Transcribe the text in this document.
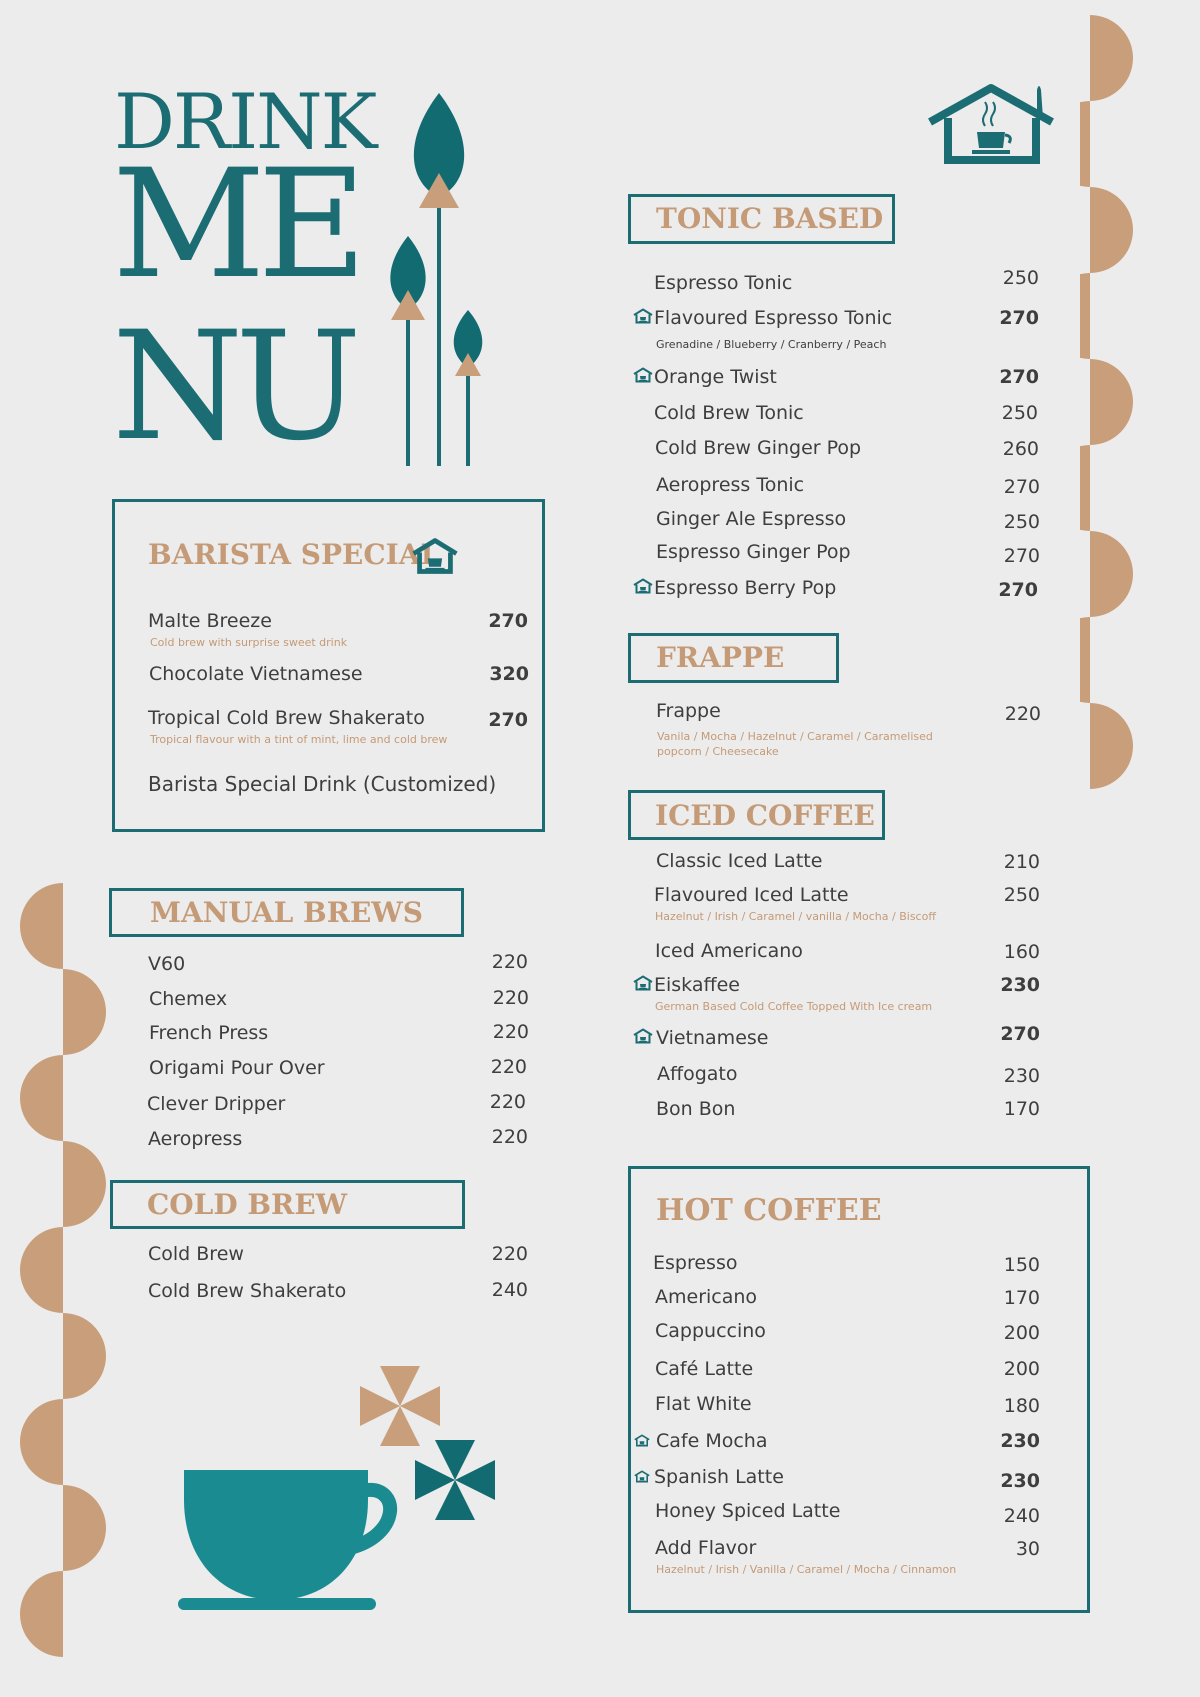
DRINK
ME
NU
BARISTA SPECIAL
Malte Breeze	270
Cold brew with surprise sweet drink
Chocolate Vietnamese	320
Tropical Cold Brew Shakerato	270
Tropical flavour with a tint of mint, lime and cold brew
Barista Special Drink (Customized)
MANUAL BREWS
V60	220
Chemex	220
French Press	220
Origami Pour Over	220
Clever Dripper	220
Aeropress	220
COLD BREW
Cold Brew	220
Cold Brew Shakerato	240
TONIC BASED
Espresso Tonic	250
Flavoured Espresso Tonic	270
Grenadine / Blueberry / Cranberry / Peach
Orange Twist	270
Cold Brew Tonic	250
Cold Brew Ginger Pop	260
Aeropress Tonic	270
Ginger Ale Espresso	250
Espresso Ginger Pop	270
Espresso Berry Pop	270
FRAPPE
Frappe	220
Vanila / Mocha / Hazelnut / Caramel / Caramelised
popcorn / Cheesecake
ICED COFFEE
Classic Iced Latte	210
Flavoured Iced Latte	250
Hazelnut / Irish / Caramel / vanilla / Mocha / Biscoff
Iced Americano	160
Eiskaffee	230
German Based Cold Coffee Topped With Ice cream
Vietnamese	270
Affogato	230
Bon Bon	170
HOT COFFEE
Espresso	150
Americano	170
Cappuccino	200
Café Latte	200
Flat White	180
Cafe Mocha	230
Spanish Latte	230
Honey Spiced Latte	240
Add Flavor	30
Hazelnut / Irish / Vanilla / Caramel / Mocha / Cinnamon
